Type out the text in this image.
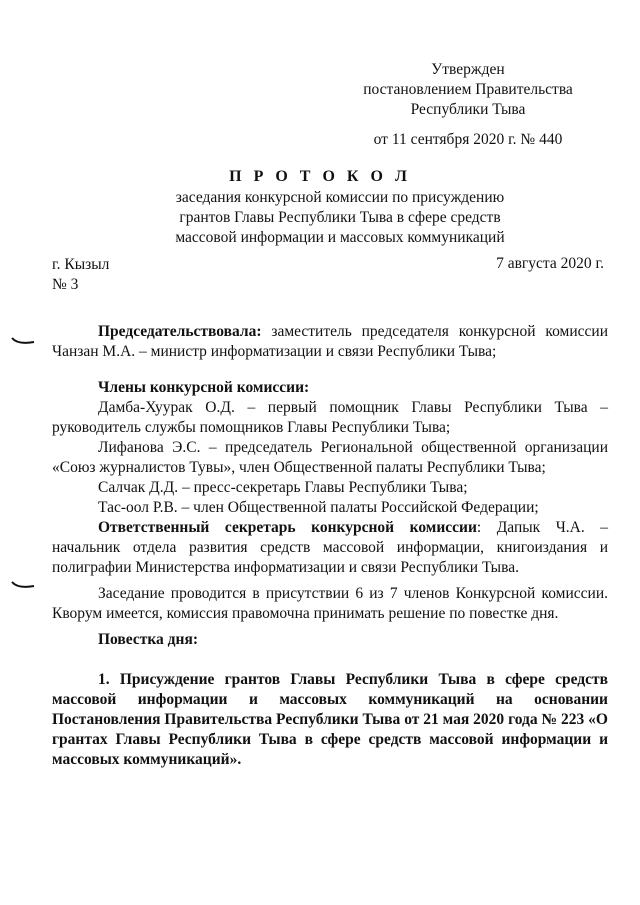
Утвержден
постановлением Правительства
Республики Тыва
от 11 сентября 2020 г. № 440
П Р О Т О К О Л
заседания конкурсной комиссии по присуждению грантов Главы Республики Тыва в сфере средств массовой информации и массовых коммуникаций
г. Кызыл
№ 3
7 августа 2020 г.
Председательствовала: заместитель председателя конкурсной комиссии Чанзан М.А. – министр информатизации и связи Республики Тыва;
Члены конкурсной комиссии:
Дамба-Хуурак О.Д. – первый помощник Главы Республики Тыва – руководитель службы помощников Главы Республики Тыва;
Лифанова Э.С. – председатель Региональной общественной организации «Союз журналистов Тувы», член Общественной палаты Республики Тыва;
Салчак Д.Д. – пресс-секретарь Главы Республики Тыва;
Тас-оол Р.В. – член Общественной палаты Российской Федерации;
Ответственный секретарь конкурсной комиссии: Дапык Ч.А. – начальник отдела развития средств массовой информации, книгоиздания и полиграфии Министерства информатизации и связи Республики Тыва.
Заседание проводится в присутствии 6 из 7 членов Конкурсной комиссии. Кворум имеется, комиссия правомочна принимать решение по повестке дня.
Повестка дня:
1. Присуждение грантов Главы Республики Тыва в сфере средств массовой информации и массовых коммуникаций на основании Постановления Правительства Республики Тыва от 21 мая 2020 года № 223 «О грантах Главы Республики Тыва в сфере средств массовой информации и массовых коммуникаций».
